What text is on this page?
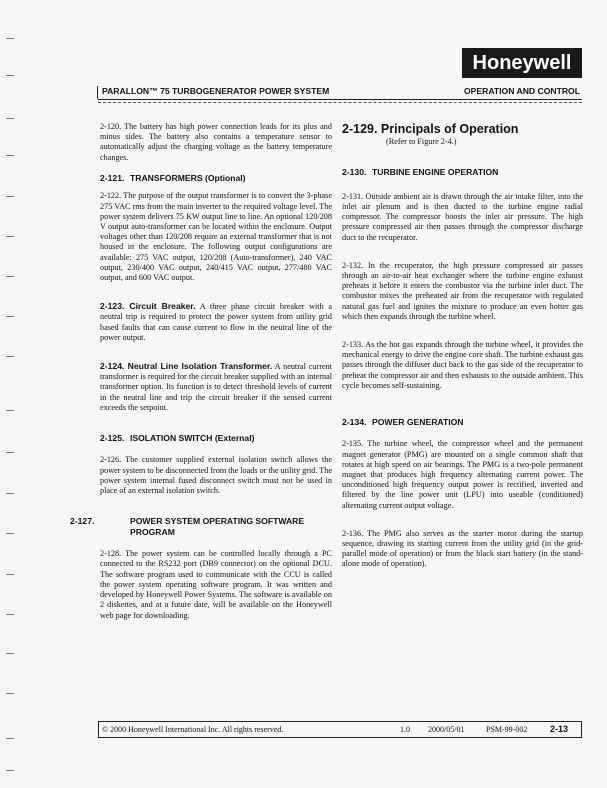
Honeywell
PARALLON™ 75 TURBOGENERATOR POWER SYSTEM	OPERATION AND CONTROL

2-120. The battery has high power connection leads for its plus and minus sides. The battery also contains a temperature sensor to automatically adjust the charging voltage as the battery temperature changes.

2-121. TRANSFORMERS (Optional)

2-122. The purpose of the output transformer is to convert the 3-phase 275 VAC rms from the main inverter to the required voltage level. The power system delivers 75 KW output line to line. An optional 120/208 V output auto-transformer can be located within the enclosure. Output voltages other than 120/208 require an external transformer that is not housed in the enclosure. The following output configurations are available: 275 VAC output, 120/208 (Auto-transformer), 240 VAC output, 230/400 VAC output, 240/415 VAC output, 277/480 VAC output, and 600 VAC output.

2-123. Circuit Breaker. A three phase circuit breaker with a neutral trip is required to protect the power system from utility grid based faults that can cause current to flow in the neutral line of the power output.

2-124. Neutral Line Isolation Transformer. A neutral current transformer is required for the circuit breaker supplied with an internal transformer option. Its function is to detect threshold levels of current in the neutral line and trip the circuit breaker if the sensed current exceeds the setpoint.

2-125. ISOLATION SWITCH (External)

2-126. The customer supplied external isolation switch allows the power system to be disconnected from the loads or the utility grid. The power system internal fused disconnect switch must not be used in place of an external isolation switch.

2-127.	POWER SYSTEM OPERATING SOFTWARE PROGRAM

2-128. The power system can be controlled locally through a PC connected to the RS232 port (DB9 connector) on the optional DCU. The software program used to communicate with the CCU is called the power system operating software program. It was written and developed by Honeywell Power Systems. The software is available on 2 diskettes, and at a future date, will be available on the Honeywell web page for downloading.

2-129. Principals of Operation
(Refer to Figure 2-4.)
2-130. TURBINE ENGINE OPERATION

2-131. Outside ambient air is drawn through the air intake filter, into the inlet air plenum and is then ducted to the turbine engine radial compressor. The compressor boosts the inlet air pressure. The high pressure compressed air then passes through the compressor discharge duct to the recuperator.

2-132. In the recuperator, the high pressure compressed air passes through an air-to-air heat exchanger where the turbine engine exhaust preheats it before it enters the combustor via the turbine inlet duct. The combustor mixes the preheated air from the recuperator with regulated natural gas fuel and ignites the mixture to produce an even hotter gas which then expands through the turbine wheel.

2-133. As the hot gas expands through the turbine wheel, it provides the mechanical energy to drive the engine core shaft. The turbine exhaust gas passes through the diffuser duct back to the gas side of the recuperator to preheat the compressor air and then exhausts to the outside ambient. This cycle becomes self-sustaining.

2-134. POWER GENERATION

2-135. The turbine wheel, the compressor wheel and the permanent magnet generator (PMG) are mounted on a single common shaft that rotates at high speed on air bearings. The PMG is a two-pole permanent magnet that produces high frequency alternating current power. The unconditioned high frequency output power is rectified, inverted and filtered by the line power unit (LPU) into useable (conditioned) alternating current output voltage.

2-136. The PMG also serves as the starter motor during the startup sequence, drawing its starting current from the utility grid (in the grid-parallel mode of operation) or from the black start battery (in the stand-alone mode of operation).

© 2000 Honeywell International Inc. All rights reserved.	1.0 2000/05/01	PSM-99-002	2-13
